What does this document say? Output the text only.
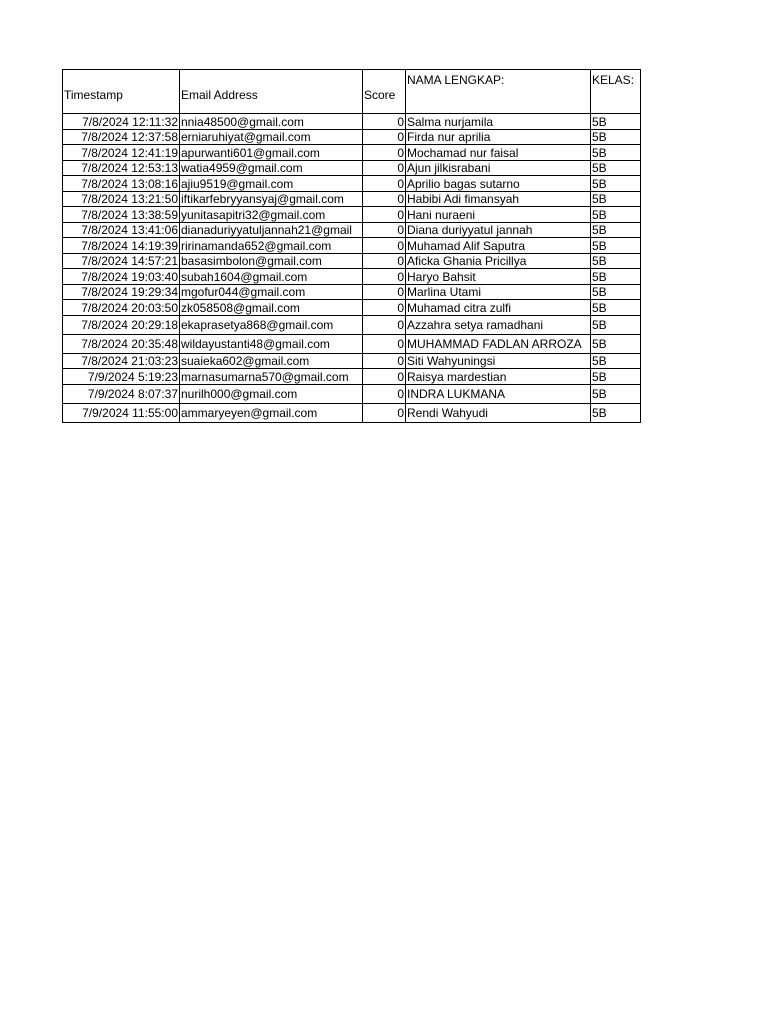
Timestamp	Email Address	Score	NAMA LENGKAP:	KELAS:
7/8/2024 12:11:32	nnia48500@gmail.com	0	Salma nurjamila	5B
7/8/2024 12:37:58	erniaruhiyat@gmail.com	0	Firda nur aprilia	5B
7/8/2024 12:41:19	apurwanti601@gmail.com	0	Mochamad nur faisal	5B
7/8/2024 12:53:13	watia4959@gmail.com	0	Ajun jilkisrabani	5B
7/8/2024 13:08:16	ajiu9519@gmail.com	0	Aprilio bagas sutarno	5B
7/8/2024 13:21:50	iftikarfebryyansyaj@gmail.com	0	Habibi Adi fimansyah	5B
7/8/2024 13:38:59	yunitasapitri32@gmail.com	0	Hani nuraeni	5B
7/8/2024 13:41:06	dianaduriyyatuljannah21@gmail	0	Diana duriyyatul jannah	5B
7/8/2024 14:19:39	ririnamanda652@gmail.com	0	Muhamad Alif Saputra	5B
7/8/2024 14:57:21	basasimbolon@gmail.com	0	Aficka Ghania Pricillya	5B
7/8/2024 19:03:40	subah1604@gmail.com	0	Haryo Bahsit	5B
7/8/2024 19:29:34	mgofur044@gmail.com	0	Marlina Utami	5B
7/8/2024 20:03:50	zk058508@gmail.com	0	Muhamad citra zulfi	5B
7/8/2024 20:29:18	ekaprasetya868@gmail.com	0	Azzahra setya ramadhani	5B
7/8/2024 20:35:48	wildayustanti48@gmail.com	0	MUHAMMAD FADLAN ARROZA	5B
7/8/2024 21:03:23	suaieka602@gmail.com	0	Siti Wahyuningsi	5B
7/9/2024 5:19:23	marnasumarna570@gmail.com	0	Raisya mardestian	5B
7/9/2024 8:07:37	nurilh000@gmail.com	0	INDRA LUKMANA	5B
7/9/2024 11:55:00	ammaryeyen@gmail.com	0	Rendi Wahyudi	5B
